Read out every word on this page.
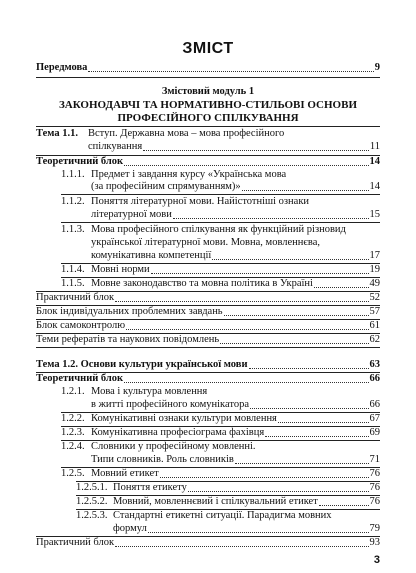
ЗМІСТ
Передмова	9
Змістовий модуль 1
ЗАКОНОДАВЧІ ТА НОРМАТИВНО-СТИЛЬОВІ ОСНОВИ
ПРОФЕСІЙНОГО СПІЛКУВАННЯ
Тема 1.1. Вступ. Державна мова – мова професійного
спілкування	11
Теоретичний блок	14
1.1.1. Предмет і завдання курсу «Українська мова
(за професійним спрямуванням)»	14
1.1.2. Поняття літературної мови. Найістотніші ознаки
літературної мови	15
1.1.3. Мова професійного спілкування як функційний різновид
української літературної мови. Мовна, мовленнєва,
комунікативна компетенції	17
1.1.4. Мовні норми	19
1.1.5. Мовне законодавство та мовна політика в Україні	49
Практичний блок	52
Блок індивідуальних проблемних завдань	57
Блок самоконтролю	61
Теми рефератів та наукових повідомлень	62
Тема 1.2. Основи культури української мови	63
Теоретичний блок	66
1.2.1. Мова і культура мовлення
в житті професійного комунікатора	66
1.2.2. Комунікативні ознаки культури мовлення	67
1.2.3. Комунікативна професіограма фахівця	69
1.2.4. Словники у професійному мовленні.
Типи словників. Роль словників	71
1.2.5. Мовний етикет	76
1.2.5.1. Поняття етикету	76
1.2.5.2. Мовний, мовленнєвий і спілкувальний етикет	76
1.2.5.3. Стандартні етикетні ситуації. Парадигма мовних
формул	79
Практичний блок	93
3
